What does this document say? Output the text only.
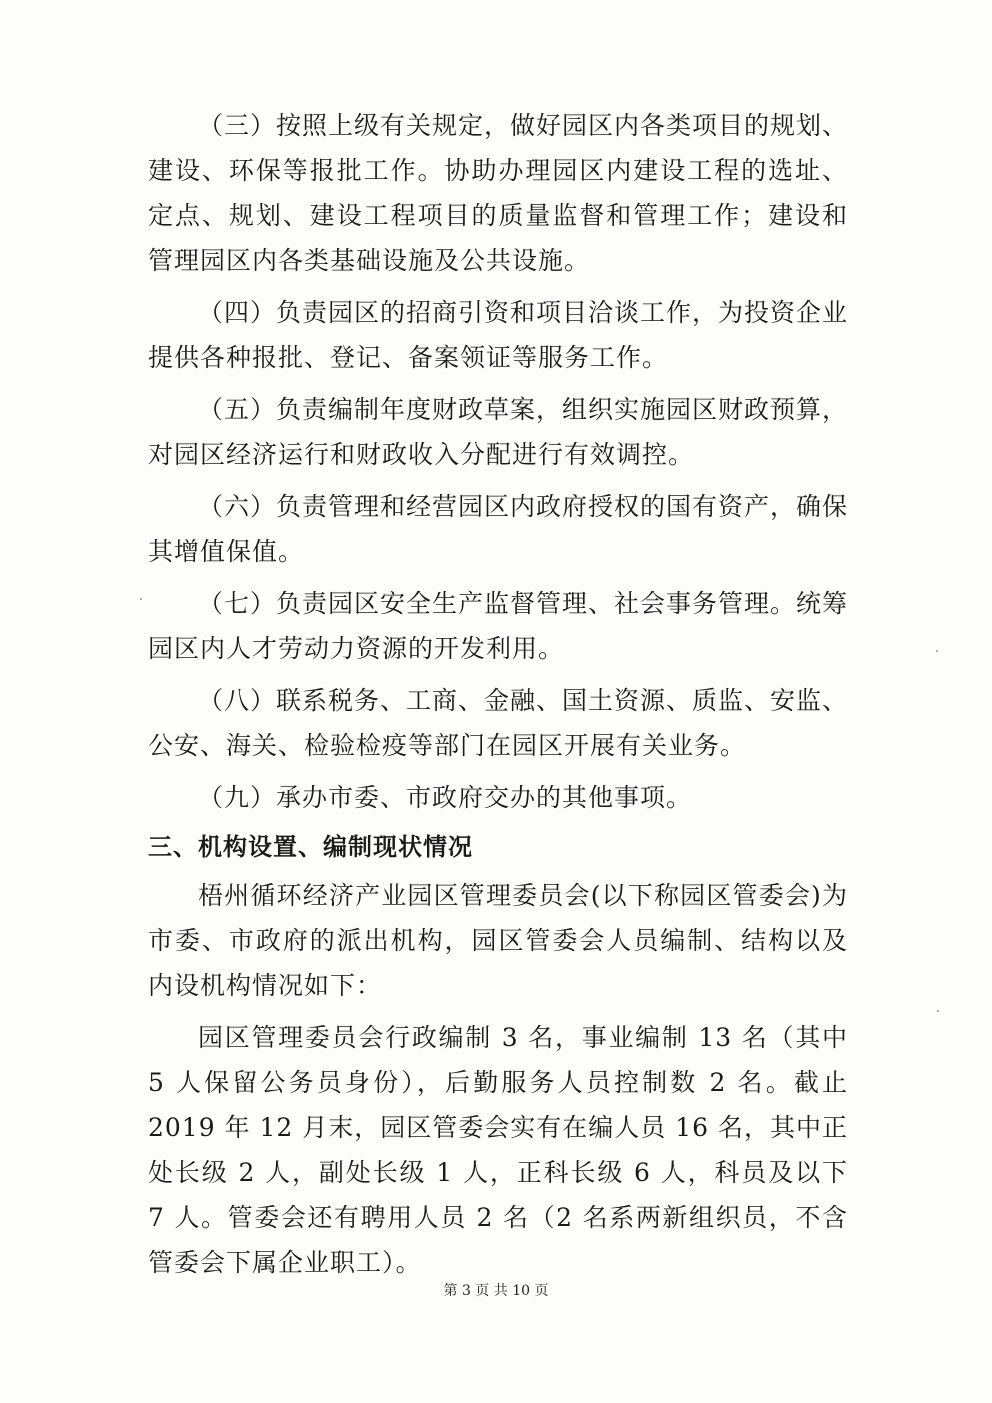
（三）按照上级有关规定，做好园区内各类项目的规划、建设、环保等报批工作。协助办理园区内建设工程的选址、定点、规划、建设工程项目的质量监督和管理工作；建设和管理园区内各类基础设施及公共设施。

（四）负责园区的招商引资和项目洽谈工作，为投资企业提供各种报批、登记、备案领证等服务工作。

（五）负责编制年度财政草案，组织实施园区财政预算，对园区经济运行和财政收入分配进行有效调控。

（六）负责管理和经营园区内政府授权的国有资产，确保其增值保值。

（七）负责园区安全生产监督管理、社会事务管理。统筹园区内人才劳动力资源的开发利用。

（八）联系税务、工商、金融、国土资源、质监、安监、公安、海关、检验检疫等部门在园区开展有关业务。

（九）承办市委、市政府交办的其他事项。

三、机构设置、编制现状情况

梧州循环经济产业园区管理委员会(以下称园区管委会)为市委、市政府的派出机构，园区管委会人员编制、结构以及内设机构情况如下：

园区管理委员会行政编制 3 名，事业编制 13 名（其中 5 人保留公务员身份），后勤服务人员控制数 2 名。截止 2019 年 12 月末，园区管委会实有在编人员 16 名，其中正处长级 2 人，副处长级 1 人，正科长级 6 人，科员及以下 7 人。管委会还有聘用人员 2 名（2 名系两新组织员，不含管委会下属企业职工）。

第 3 页 共 10 页
